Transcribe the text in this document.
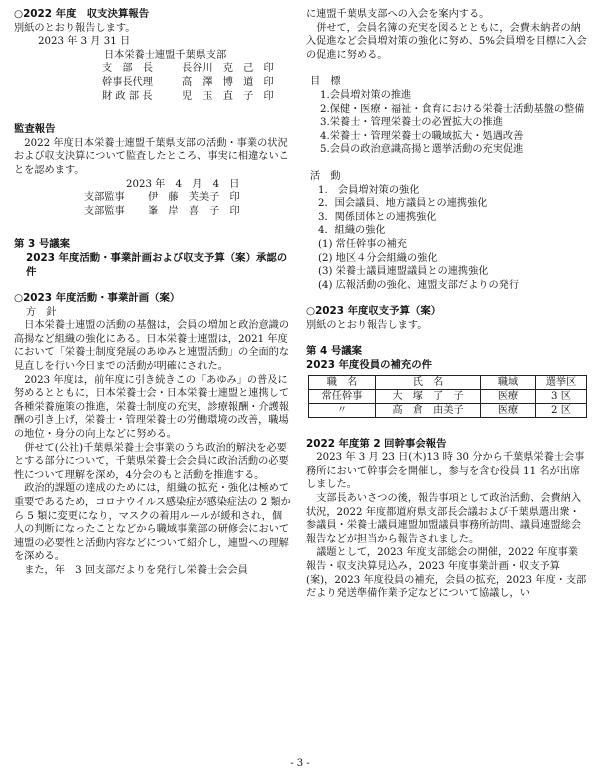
○2022 年度　収支決算報告

別紙のとおり報告します。

2023 年 3 月 31 日

日本栄養士連盟千葉県支部

支　部　長	長谷川　克　己　印

幹事長代理	高　澤　博　道　印

財 政 部 長	児　玉　直　子　印

監査報告

2022 年度日本栄養士連盟千葉県支部の活動・事業の状況および収支決算について監査したところ、事実に相違ないことを認めます。

2023 年　4　月　4　日

支部監事	伊　藤　芙美子　印

支部監事	峯　岸　喜　子　印

第 3 号議案

2023 年度活動・事業計画および収支予算（案）承認の件

○2023 年度活動・事業計画（案）

方　針

日本栄養士連盟の活動の基盤は，会員の増加と政治意識の高揚など組織の強化にある。日本栄養士連盟は，2021 年度において「栄養士制度発展のあゆみと連盟活動」の全面的な見直しを行い今日までの活動が明確にされた。

2023 年度は，前年度に引き続きこの「あゆみ」の普及に努めるとともに，日本栄養士会・日本栄養士連盟と連携して各種栄養施策の推進，栄養士制度の充実，診療報酬・介護報酬の引き上げ，栄養士・管理栄養士の労働環境の改善，職場の地位・身分の向上などに努める。

併せて(公社)千葉県栄養士会事業のうち政治的解決を必要とする部分について，千葉県栄養士会会員に政治活動の必要性について理解を深め，4分会のもと活動を推進する。

政治的課題の達成のためには，組織の拡充・強化は極めて重要であるため，コロナウイルス感染症が感染症法の 2 類から 5 類に変更になり，マスクの着用ルールが緩和され，個人の判断になったことなどから職域事業部の研修会において連盟の必要性と活動内容などについて紹介し，連盟への理解を深める。

また，年　3 回支部だよりを発行し栄養士会会員

に連盟千葉県支部への入会を案内する。

併せて，会員名簿の充実を図るとともに，会費未納者の納入促進など会員増対策の強化に努め、5%会員増を目標に入会の促進に努める。

目　標

1.会員増対策の推進

2.保健・医療・福祉・食育における栄養士活動基盤の整備

3.栄養士・管理栄養士の必置拡大の推進

4.栄養士・管理栄養士の職域拡大・処遇改善

5.会員の政治意識高揚と選挙活動の充実促進

活　動

1.　会員増対策の強化

2．国会議員、地方議員との連携強化

3．関係団体との連携強化

4．組織の強化

(1) 常任幹事の補充

(2) 地区４分会組織の強化

(3) 栄養士議員連盟議員との連携強化

(4) 広報活動の強化、連盟支部だよりの発行

○2023 年度収支予算（案）

別紙のとおり報告します。

第 4 号議案

2023 年度役員の補充の件

職　名	氏　名	職域	選挙区
常任幹事	大　塚　了　子	医療	3 区
〃	高　倉　由美子	医療	2 区

2022 年度第 2 回幹事会報告

2023 年 3 月 23 日(木)13 時 30 分から千葉県栄養士会事務所において幹事会を開催し，参与を含む役員 11 名が出席しました。

支部長あいさつの後，報告事項として政治活動、会費納入状況，2022 年度都道府県支部長会議および千葉県選出衆・参議員・栄養士議員連盟加盟議員事務所訪問、議員連盟総会報告などが担当から報告されました。

議題として，2023 年度支部総会の開催，2022 年度事業報告・収支決算見込み，2023 年度事業計画・収支予算(案)，2023 年度役員の補充，会員の拡充，2023 年度・支部だより発送準備作業予定などについて協議し，い

- 3 -
